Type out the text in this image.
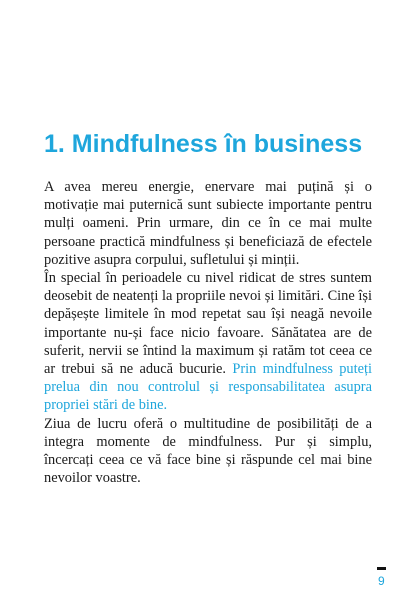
1. Mindfulness în business

A avea mereu energie, enervare mai puțină și o motivație mai puternică sunt subiecte importante pentru mulți oameni. Prin urmare, din ce în ce mai multe persoane practică mindfulness și beneficiază de efectele pozitive asupra corpului, sufletului și minții.

În special în perioadele cu nivel ridicat de stres suntem deosebit de neatenți la propriile nevoi și limitări. Cine își depășește limitele în mod repetat sau își neagă nevoile importante nu-și face nicio favoare. Sănătatea are de suferit, nervii se întind la maximum și ratăm tot ceea ce ar trebui să ne aducă bucurie. Prin mindfulness puteți prelua din nou controlul și responsabilitatea asupra propriei stări de bine.

Ziua de lucru oferă o multitudine de posibilități de a integra momente de mindfulness. Pur și simplu, încercați ceea ce vă face bine și răspunde cel mai bine nevoilor voastre.

9
